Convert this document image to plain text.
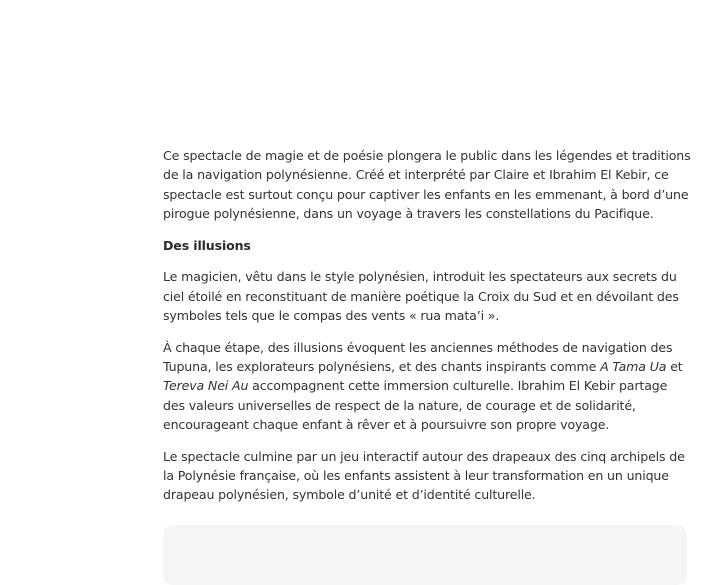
Ce spectacle de magie et de poésie plongera le public dans les légendes et traditions de la navigation polynésienne. Créé et interprété par Claire et Ibrahim El Kebir, ce spectacle est surtout conçu pour captiver les enfants en les emmenant, à bord d’une pirogue polynésienne, dans un voyage à travers les constellations du Pacifique.

Des illusions

Le magicien, vêtu dans le style polynésien, introduit les spectateurs aux secrets du ciel étoilé en reconstituant de manière poétique la Croix du Sud et en dévoilant des symboles tels que le compas des vents « rua mata’i ».

À chaque étape, des illusions évoquent les anciennes méthodes de navigation des Tupuna, les explorateurs polynésiens, et des chants inspirants comme A Tama Ua et Tereva Nei Au accompagnent cette immersion culturelle. Ibrahim El Kebir partage des valeurs universelles de respect de la nature, de courage et de solidarité, encourageant chaque enfant à rêver et à poursuivre son propre voyage.

Le spectacle culmine par un jeu interactif autour des drapeaux des cinq archipels de la Polynésie française, où les enfants assistent à leur transformation en un unique drapeau polynésien, symbole d’unité et d’identité culturelle.
